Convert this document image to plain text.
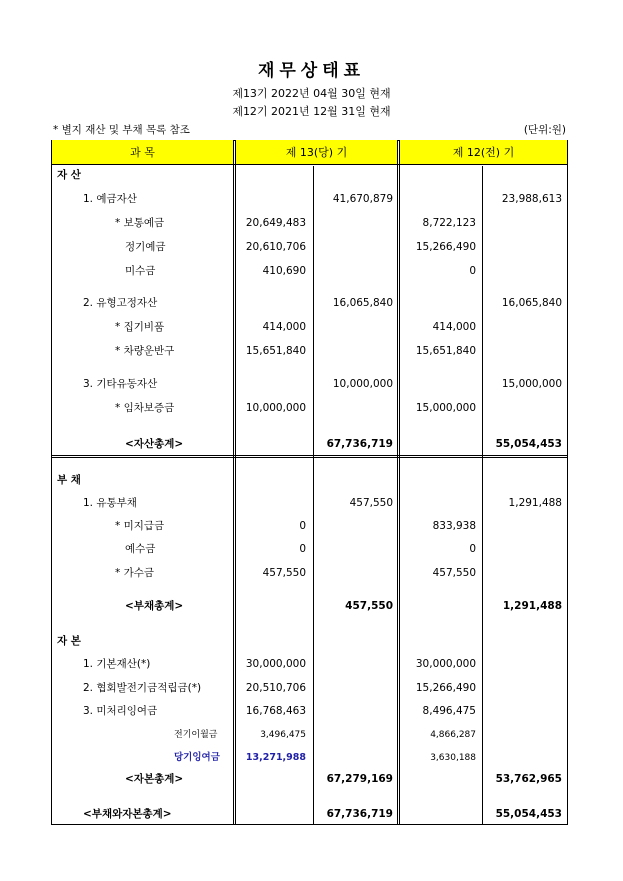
재무상태표
제13기 2022년 04월 30일 현재
제12기 2021년 12월 31일 현재
* 별지 재산 및 부채 목록 참조	(단위:원)
과 목	제 13(당) 기	제 12(전) 기
자 산
1. 예금자산	41,670,879	23,988,613
* 보통예금	20,649,483	8,722,123
정기예금	20,610,706	15,266,490
미수금	410,690	0
2. 유형고정자산	16,065,840	16,065,840
* 집기비품	414,000	414,000
* 차량운반구	15,651,840	15,651,840
3. 기타유동자산	10,000,000	15,000,000
* 임차보증금	10,000,000	15,000,000
<자산총계>	67,736,719	55,054,453
부 채
1. 유통부채	457,550	1,291,488
* 미지급금	0	833,938
예수금	0	0
* 가수금	457,550	457,550
<부채총계>	457,550	1,291,488
자 본
1. 기본재산(*)	30,000,000	30,000,000
2. 협회발전기금적립금(*)	20,510,706	15,266,490
3. 미처리잉여금	16,768,463	8,496,475
전기이월금	3,496,475	4,866,287
당기잉여금	13,271,988	3,630,188
<자본총계>	67,279,169	53,762,965
<부채와자본총계>	67,736,719	55,054,453
